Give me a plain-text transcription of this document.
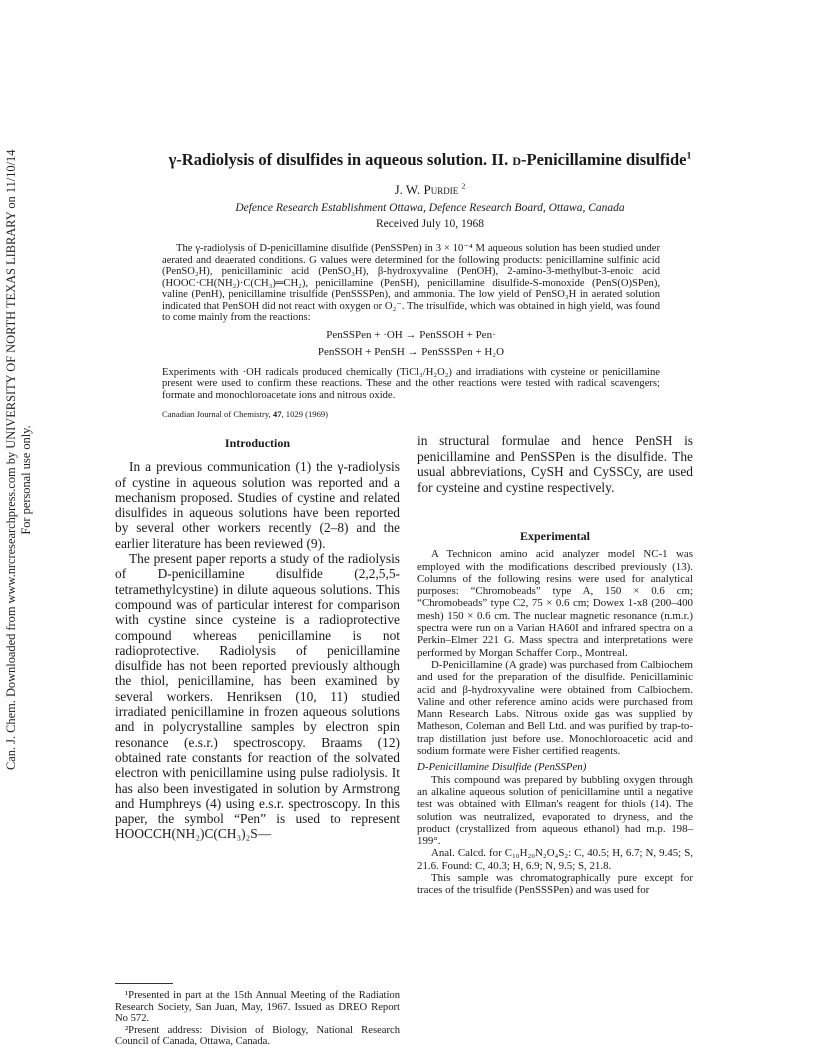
Can. J. Chem. Downloaded from www.nrcresearchpress.com by UNIVERSITY OF NORTH TEXAS LIBRARY on 11/10/14 For personal use only.
γ-Radiolysis of disulfides in aqueous solution. II. d-Penicillamine disulfide$^1$
J. W. Purdie $^2$
Defence Research Establishment Ottawa, Defence Research Board, Ottawa, Canada
Received July 10, 1968

The γ-radiolysis of D-penicillamine disulfide (PenSSPen) in 3 × 10⁻⁴ M aqueous solution has been studied under aerated and deaerated conditions. G values were determined for the following products: penicillamine sulfinic acid (PenSO₂H), penicillaminic acid (PenSO₃H), β-hydroxyvaline (PenOH), 2-amino-3-methylbut-3-enoic acid (HOOC·CH(NH₂)·C(CH₃)═CH₂), penicillamine (PenSH), penicillamine disulfide-S-monoxide (PenS(O)SPen), valine (PenH), penicillamine trisulfide (PenSSSPen), and ammonia. The low yield of PenSO₃H in aerated solution indicated that PenSOH did not react with oxygen or O₂⁻. The trisulfide, which was obtained in high yield, was found to come mainly from the reactions:

PenSSPen + ·OH → PenSSOH + Pen·
PenSSOH + PenSH → PenSSSPen + H₂O

Experiments with ·OH radicals produced chemically (TiCl₃/H₂O₂) and irradiations with cysteine or penicillamine present were used to confirm these reactions. These and the other reactions were tested with radical scavengers; formate and monochloroacetate ions and nitrous oxide.

Canadian Journal of Chemistry, 47, 1029 (1969)
Introduction

In a previous communication (1) the γ-radiolysis of cystine in aqueous solution was reported and a mechanism proposed. Studies of cystine and related disulfides in aqueous solutions have been reported by several other workers recently (2–8) and the earlier literature has been reviewed (9).

The present paper reports a study of the radiolysis of D-penicillamine disulfide (2,2,5,5-tetramethylcystine) in dilute aqueous solutions. This compound was of particular interest for comparison with cystine since cysteine is a radioprotective compound whereas penicillamine is not radioprotective. Radiolysis of penicillamine disulfide has not been reported previously although the thiol, penicillamine, has been examined by several workers. Henriksen (10, 11) studied irradiated penicillamine in frozen aqueous solutions and in polycrystalline samples by electron spin resonance (e.s.r.) spectroscopy. Braams (12) obtained rate constants for reaction of the solvated electron with penicillamine using pulse radiolysis. It has also been investigated in solution by Armstrong and Humphreys (4) using e.s.r. spectroscopy. In this paper, the symbol “Pen” is used to represent HOOCCH(NH₂)C(CH₃)₂S—

in structural formulae and hence PenSH is penicillamine and PenSSPen is the disulfide. The usual abbreviations, CySH and CySSCy, are used for cysteine and cystine respectively.

Experimental

A Technicon amino acid analyzer model NC-1 was employed with the modifications described previously (13). Columns of the following resins were used for analytical purposes: “Chromobeads” type A, 150 × 0.6 cm; “Chromobeads” type C2, 75 × 0.6 cm; Dowex 1-x8 (200–400 mesh) 150 × 0.6 cm. The nuclear magnetic resonance (n.m.r.) spectra were run on a Varian HA60I and infrared spectra on a Perkin–Elmer 221 G. Mass spectra and interpretations were performed by Morgan Schaffer Corp., Montreal.

D-Penicillamine (A grade) was purchased from Calbiochem and used for the preparation of the disulfide. Penicillaminic acid and β-hydroxyvaline were obtained from Calbiochem. Valine and other reference amino acids were purchased from Mann Research Labs. Nitrous oxide gas was supplied by Matheson, Coleman and Bell Ltd. and was purified by trap-to-trap distillation just before use. Monochloroacetic acid and sodium formate were Fisher certified reagents.

D-Penicillamine Disulfide (PenSSPen)

This compound was prepared by bubbling oxygen through an alkaline aqueous solution of penicillamine until a negative test was obtained with Ellman's reagent for thiols (14). The solution was neutralized, evaporated to dryness, and the product (crystallized from aqueous ethanol) had m.p. 198–199°.

Anal. Calcd. for C₁₀H₂₀N₂O₄S₂: C, 40.5; H, 6.7; N, 9.45; S, 21.6. Found: C, 40.3; H, 6.9; N, 9.5; S, 21.8.

This sample was chromatographically pure except for traces of the trisulfide (PenSSSPen) and was used for

¹Presented in part at the 15th Annual Meeting of the Radiation Research Society, San Juan, May, 1967. Issued as DREO Report No 572.

²Present address: Division of Biology, National Research Council of Canada, Ottawa, Canada.
